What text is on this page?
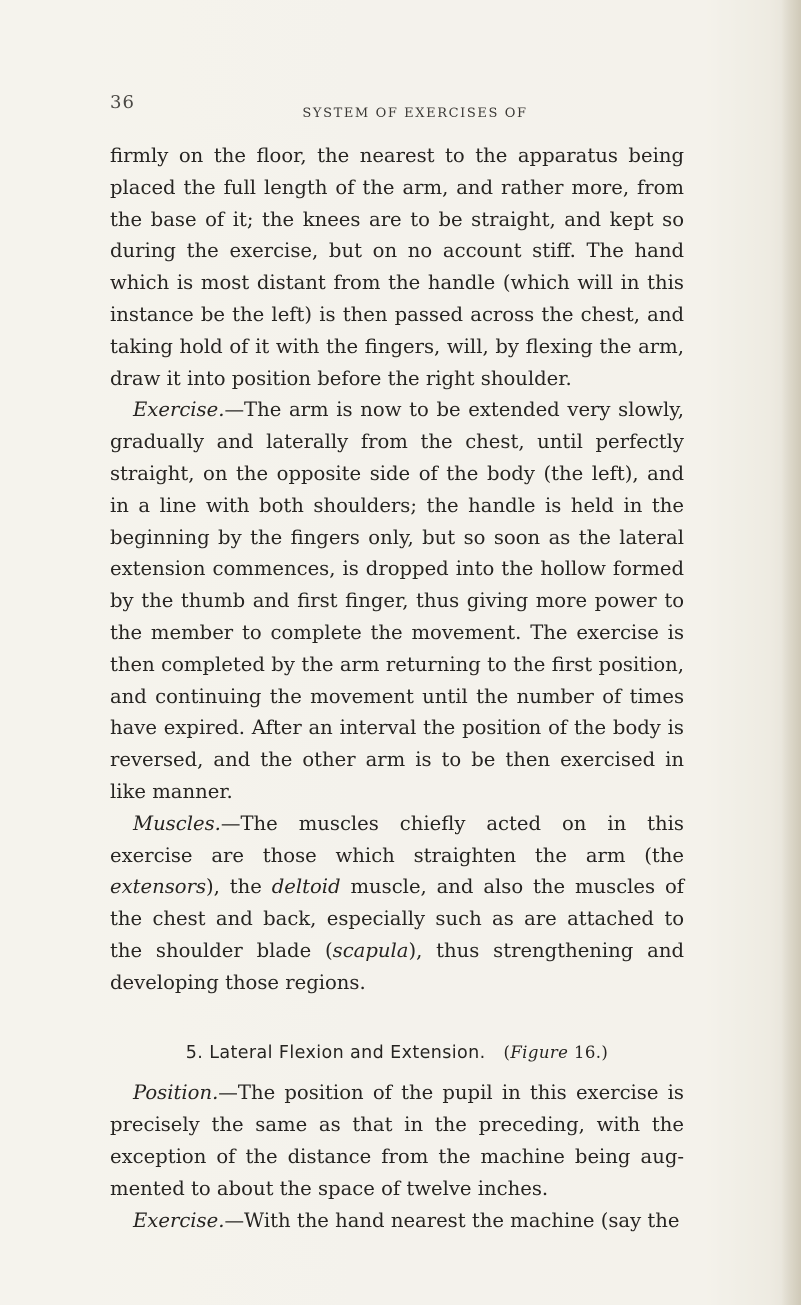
36
SYSTEM OF EXERCISES OF

firmly on the floor, the nearest to the apparatus being placed the full length of the arm, and rather more, from the base of it; the knees are to be straight, and kept so during the exercise, but on no account stiff. The hand which is most distant from the handle (which will in this instance be the left) is then passed across the chest, and taking hold of it with the fingers, will, by flexing the arm, draw it into position before the right shoulder.

Exercise.—The arm is now to be extended very slowly, gradually and laterally from the chest, until perfectly straight, on the opposite side of the body (the left), and in a line with both shoulders; the handle is held in the beginning by the fingers only, but so soon as the lateral extension commences, is dropped into the hollow formed by the thumb and first finger, thus giving more power to the member to complete the movement. The exercise is then completed by the arm returning to the first position, and continuing the movement until the number of times have expired. After an interval the position of the body is reversed, and the other arm is to be then exercised in like manner.

Muscles.—The muscles chiefly acted on in this exercise are those which straighten the arm (the extensors), the deltoid muscle, and also the muscles of the chest and back, especially such as are attached to the shoulder blade (scapula), thus strengthening and developing those regions.

5. Lateral Flexion and Extension. (Figure 16.)

Position.—The position of the pupil in this exercise is precisely the same as that in the preceding, with the exception of the distance from the machine being augmented to about the space of twelve inches.

Exercise.—With the hand nearest the machine (say the
